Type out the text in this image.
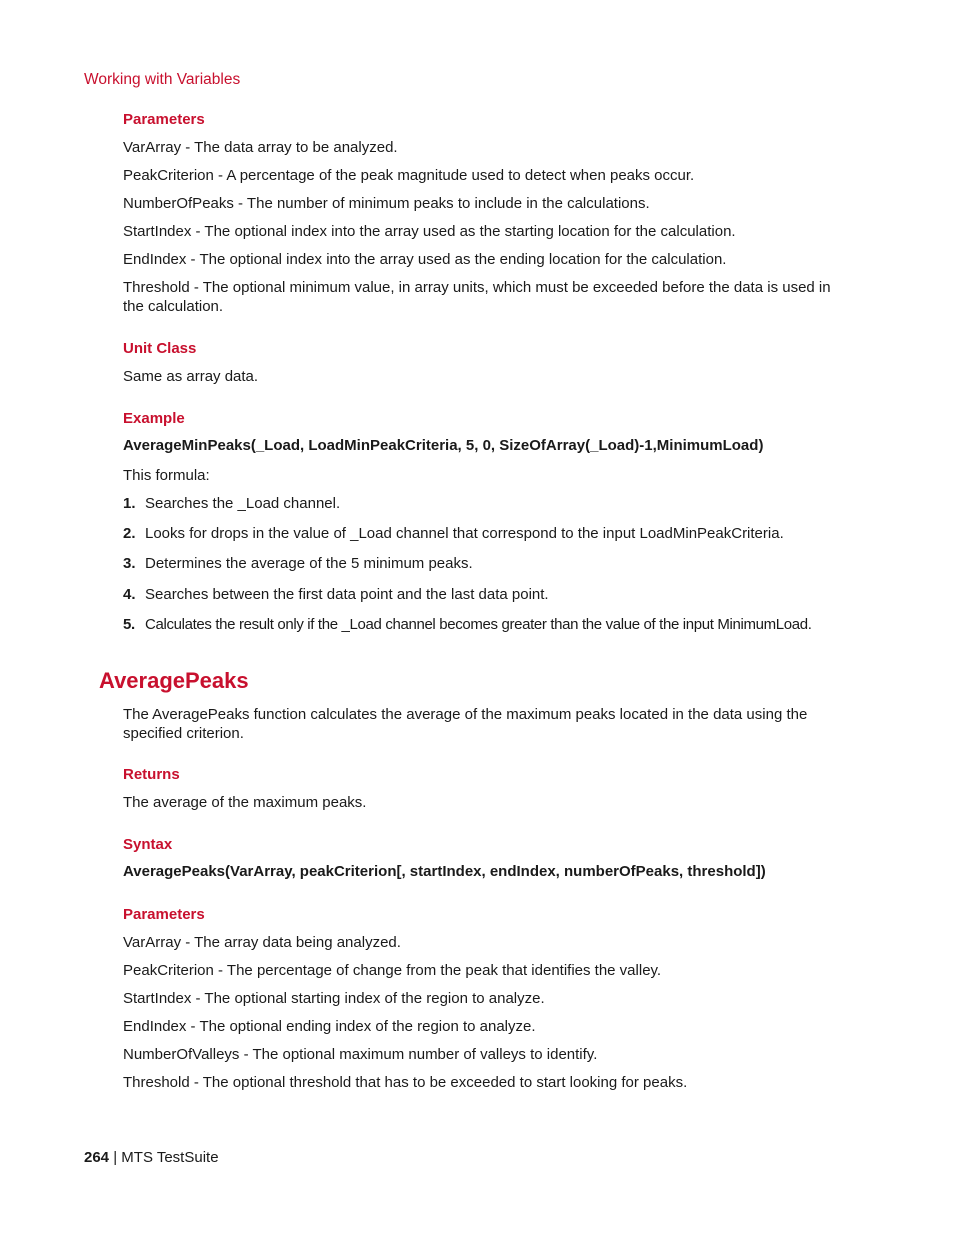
Working with Variables
Parameters
VarArray - The data array to be analyzed.
PeakCriterion - A percentage of the peak magnitude used to detect when peaks occur.
NumberOfPeaks - The number of minimum peaks to include in the calculations.
StartIndex - The optional index into the array used as the starting location for the calculation.
EndIndex - The optional index into the array used as the ending location for the calculation.
Threshold - The optional minimum value, in array units, which must be exceeded before the data is used in the calculation.
Unit Class
Same as array data.
Example
AverageMinPeaks(_Load, LoadMinPeakCriteria, 5, 0, SizeOfArray(_Load)-1,MinimumLoad)
This formula:
1. Searches the _Load channel.
2. Looks for drops in the value of _Load channel that correspond to the input LoadMinPeakCriteria.
3. Determines the average of the 5 minimum peaks.
4. Searches between the first data point and the last data point.
5. Calculates the result only if the _Load channel becomes greater than the value of the input MinimumLoad.
AveragePeaks
The AveragePeaks function calculates the average of the maximum peaks located in the data using the specified criterion.
Returns
The average of the maximum peaks.
Syntax
AveragePeaks(VarArray, peakCriterion[, startIndex, endIndex, numberOfPeaks, threshold])
Parameters
VarArray - The array data being analyzed.
PeakCriterion - The percentage of change from the peak that identifies the valley.
StartIndex - The optional starting index of the region to analyze.
EndIndex - The optional ending index of the region to analyze.
NumberOfValleys - The optional maximum number of valleys to identify.
Threshold - The optional threshold that has to be exceeded to start looking for peaks.
264 | MTS TestSuite
